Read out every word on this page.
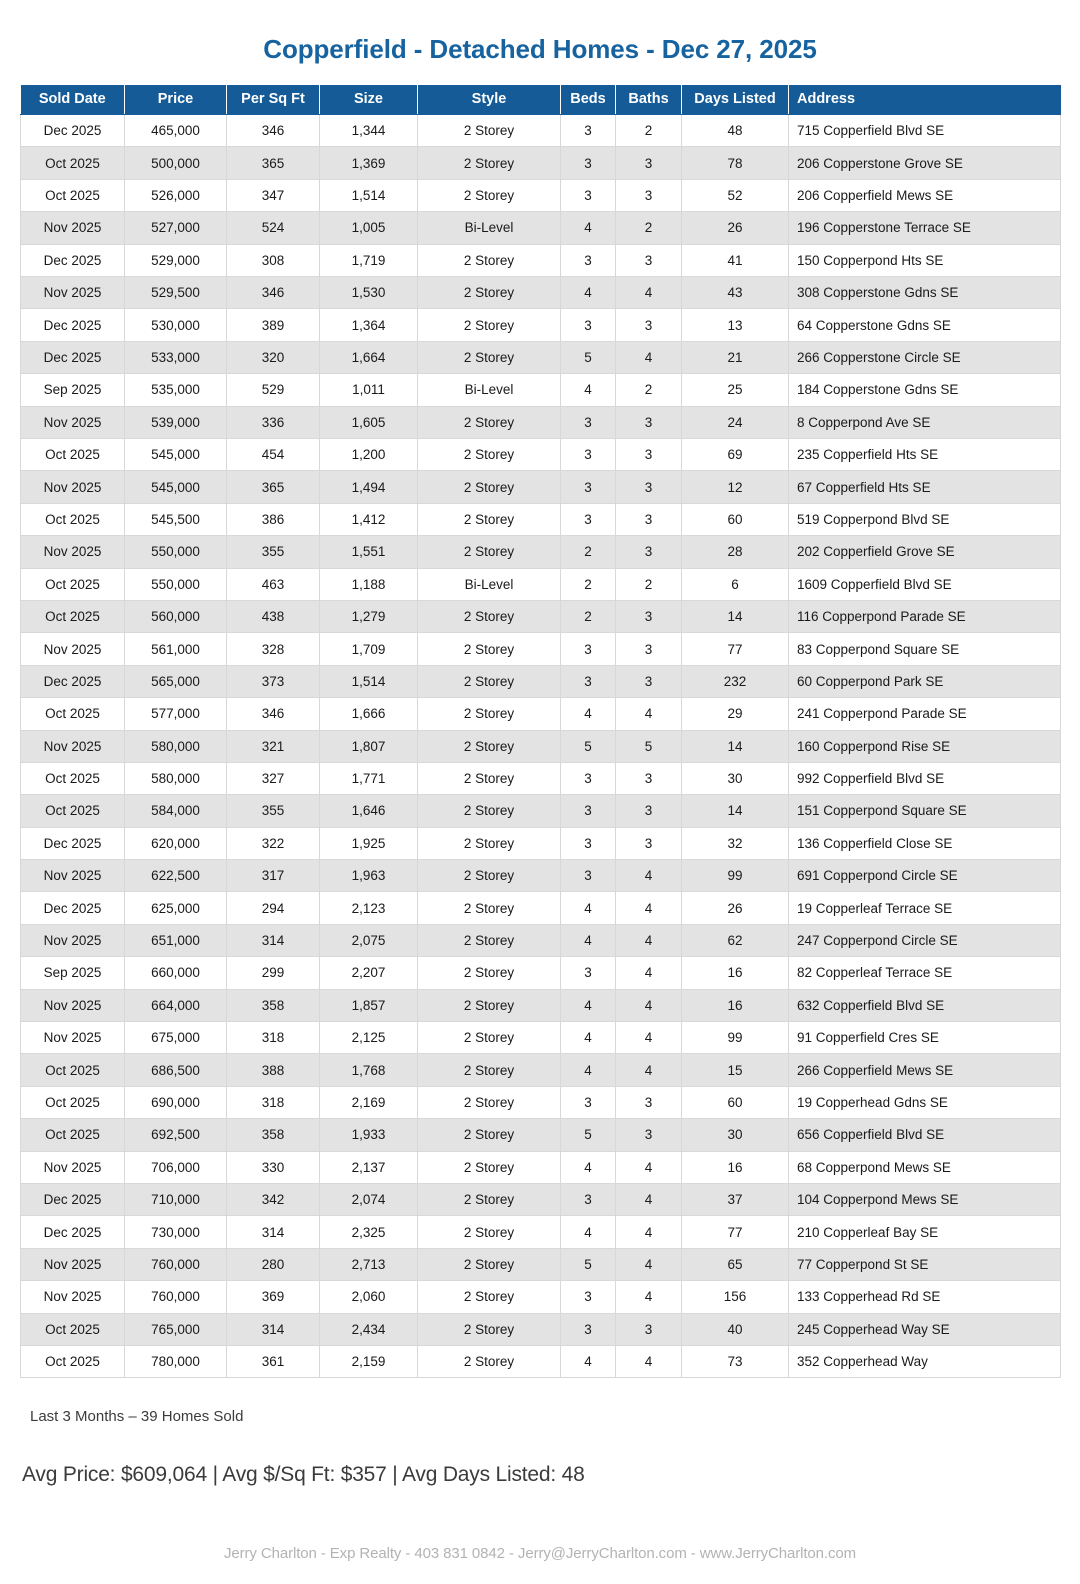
Copperfield - Detached Homes - Dec 27, 2025
Sold Date	Price	Per Sq Ft	Size	Style	Beds	Baths	Days Listed	Address
Dec 2025	465,000	346	1,344	2 Storey	3	2	48	715 Copperfield Blvd SE
Oct 2025	500,000	365	1,369	2 Storey	3	3	78	206 Copperstone Grove SE
Oct 2025	526,000	347	1,514	2 Storey	3	3	52	206 Copperfield Mews SE
Nov 2025	527,000	524	1,005	Bi-Level	4	2	26	196 Copperstone Terrace SE
Dec 2025	529,000	308	1,719	2 Storey	3	3	41	150 Copperpond Hts SE
Nov 2025	529,500	346	1,530	2 Storey	4	4	43	308 Copperstone Gdns SE
Dec 2025	530,000	389	1,364	2 Storey	3	3	13	64 Copperstone Gdns SE
Dec 2025	533,000	320	1,664	2 Storey	5	4	21	266 Copperstone Circle SE
Sep 2025	535,000	529	1,011	Bi-Level	4	2	25	184 Copperstone Gdns SE
Nov 2025	539,000	336	1,605	2 Storey	3	3	24	8 Copperpond Ave SE
Oct 2025	545,000	454	1,200	2 Storey	3	3	69	235 Copperfield Hts SE
Nov 2025	545,000	365	1,494	2 Storey	3	3	12	67 Copperfield Hts SE
Oct 2025	545,500	386	1,412	2 Storey	3	3	60	519 Copperpond Blvd SE
Nov 2025	550,000	355	1,551	2 Storey	2	3	28	202 Copperfield Grove SE
Oct 2025	550,000	463	1,188	Bi-Level	2	2	6	1609 Copperfield Blvd SE
Oct 2025	560,000	438	1,279	2 Storey	2	3	14	116 Copperpond Parade SE
Nov 2025	561,000	328	1,709	2 Storey	3	3	77	83 Copperpond Square SE
Dec 2025	565,000	373	1,514	2 Storey	3	3	232	60 Copperpond Park SE
Oct 2025	577,000	346	1,666	2 Storey	4	4	29	241 Copperpond Parade SE
Nov 2025	580,000	321	1,807	2 Storey	5	5	14	160 Copperpond Rise SE
Oct 2025	580,000	327	1,771	2 Storey	3	3	30	992 Copperfield Blvd SE
Oct 2025	584,000	355	1,646	2 Storey	3	3	14	151 Copperpond Square SE
Dec 2025	620,000	322	1,925	2 Storey	3	3	32	136 Copperfield Close SE
Nov 2025	622,500	317	1,963	2 Storey	3	4	99	691 Copperpond Circle SE
Dec 2025	625,000	294	2,123	2 Storey	4	4	26	19 Copperleaf Terrace SE
Nov 2025	651,000	314	2,075	2 Storey	4	4	62	247 Copperpond Circle SE
Sep 2025	660,000	299	2,207	2 Storey	3	4	16	82 Copperleaf Terrace SE
Nov 2025	664,000	358	1,857	2 Storey	4	4	16	632 Copperfield Blvd SE
Nov 2025	675,000	318	2,125	2 Storey	4	4	99	91 Copperfield Cres SE
Oct 2025	686,500	388	1,768	2 Storey	4	4	15	266 Copperfield Mews SE
Oct 2025	690,000	318	2,169	2 Storey	3	3	60	19 Copperhead Gdns SE
Oct 2025	692,500	358	1,933	2 Storey	5	3	30	656 Copperfield Blvd SE
Nov 2025	706,000	330	2,137	2 Storey	4	4	16	68 Copperpond Mews SE
Dec 2025	710,000	342	2,074	2 Storey	3	4	37	104 Copperpond Mews SE
Dec 2025	730,000	314	2,325	2 Storey	4	4	77	210 Copperleaf Bay SE
Nov 2025	760,000	280	2,713	2 Storey	5	4	65	77 Copperpond St SE
Nov 2025	760,000	369	2,060	2 Storey	3	4	156	133 Copperhead Rd SE
Oct 2025	765,000	314	2,434	2 Storey	3	3	40	245 Copperhead Way SE
Oct 2025	780,000	361	2,159	2 Storey	4	4	73	352 Copperhead Way
Last 3 Months – 39 Homes Sold
Avg Price: $609,064 | Avg $/Sq Ft: $357 | Avg Days Listed: 48
Jerry Charlton - Exp Realty - 403 831 0842 - Jerry@JerryCharlton.com - www.JerryCharlton.com
